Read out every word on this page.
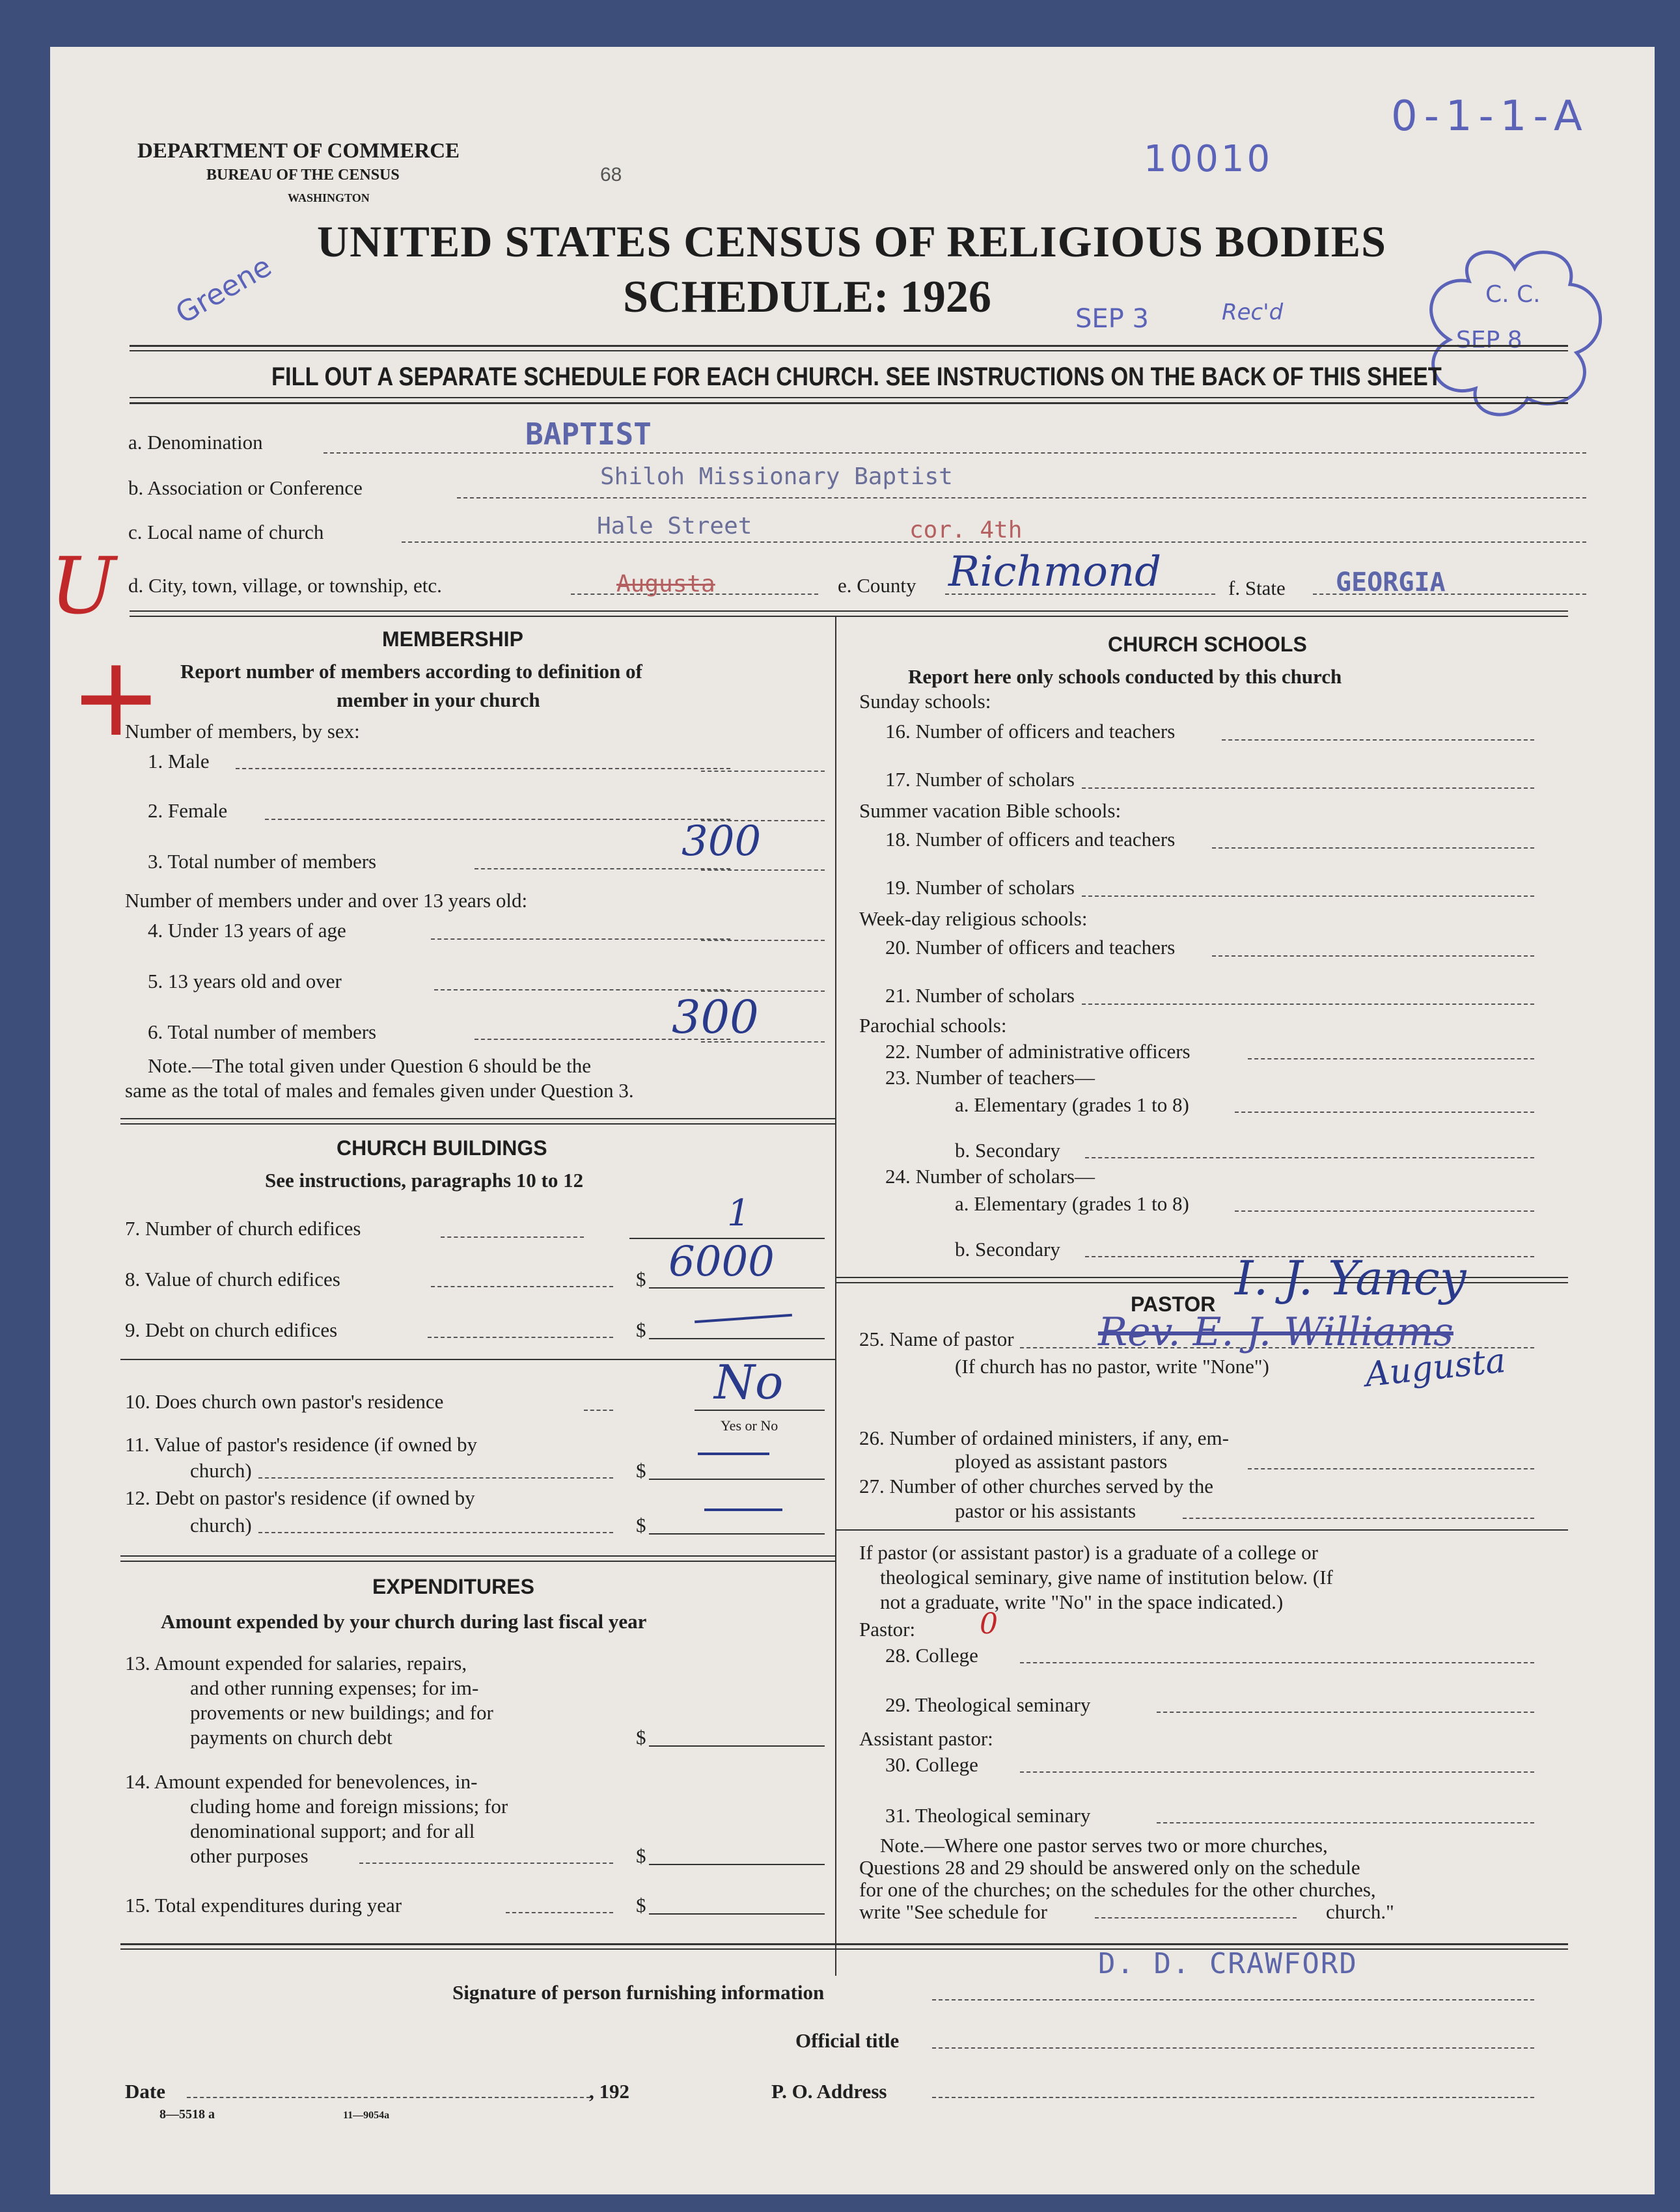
DEPARTMENT OF COMMERCE
BUREAU OF THE CENSUS
WASHINGTON
68	10010
0-1-1-A
Greene
UNITED STATES CENSUS OF RELIGIOUS BODIES
SCHEDULE: 1926	SEP 3	Rec'd
C. C.
SEP 8
FILL OUT A SEPARATE SCHEDULE FOR EACH CHURCH. SEE INSTRUCTIONS ON THE BACK OF THIS SHEET
a. Denomination	BAPTIST
b. Association or Conference	Shiloh Missionary Baptist
c. Local name of church	Hale Street	cor. 4th
d. City, town, village, or township, etc.	Augusta	e. County Richmond	f. State GEORGIA
U
+	MEMBERSHIP
Report number of members according to definition of
member in your church
Number of members, by sex:
1. Male
2. Female
3. Total number of members	300
Number of members under and over 13 years old:
4. Under 13 years of age
5. 13 years old and over
6. Total number of members	300
Note.—The total given under Question 6 should be the
same as the total of males and females given under Question 3.
CHURCH BUILDINGS
See instructions, paragraphs 10 to 12
7. Number of church edifices	1
8. Value of church edifices	$ 6000
9. Debt on church edifices	$
10. Does church own pastor's residence	No
Yes or No
11. Value of pastor's residence (if owned by
church)	$
12. Debt on pastor's residence (if owned by
church)	$
EXPENDITURES
Amount expended by your church during last fiscal year
13. Amount expended for salaries, repairs,
and other running expenses; for im-
provements or new buildings; and for
payments on church debt	$
14. Amount expended for benevolences, in-
cluding home and foreign missions; for
denominational support; and for all
other purposes	$
15. Total expenditures during year	$
CHURCH SCHOOLS
Report here only schools conducted by this church
Sunday schools:
16. Number of officers and teachers
17. Number of scholars
Summer vacation Bible schools:
18. Number of officers and teachers
19. Number of scholars
Week-day religious schools:
20. Number of officers and teachers
21. Number of scholars
Parochial schools:
22. Number of administrative officers
23. Number of teachers—
a. Elementary (grades 1 to 8)
b. Secondary
24. Number of scholars—
a. Elementary (grades 1 to 8)
b. Secondary
PASTOR
25. Name of pastor Rev. E. J. Williams
I. J. Yancy
(If church has no pastor, write "None")	Augusta
26. Number of ordained ministers, if any, em-
ployed as assistant pastors
27. Number of other churches served by the
pastor or his assistants
If pastor (or assistant pastor) is a graduate of a college or
theological seminary, give name of institution below. (If
not a graduate, write "No" in the space indicated.)
Pastor: 0
28. College
29. Theological seminary
Assistant pastor:
30. College
31. Theological seminary
Note.—Where one pastor serves two or more churches,
Questions 28 and 29 should be answered only on the schedule
for one of the churches; on the schedules for the other churches,
write "See schedule for	church."
D. D. CRAWFORD
Signature of person furnishing information
Official title
Date	, 192	P. O. Address
8—5518 a	11—9054a
